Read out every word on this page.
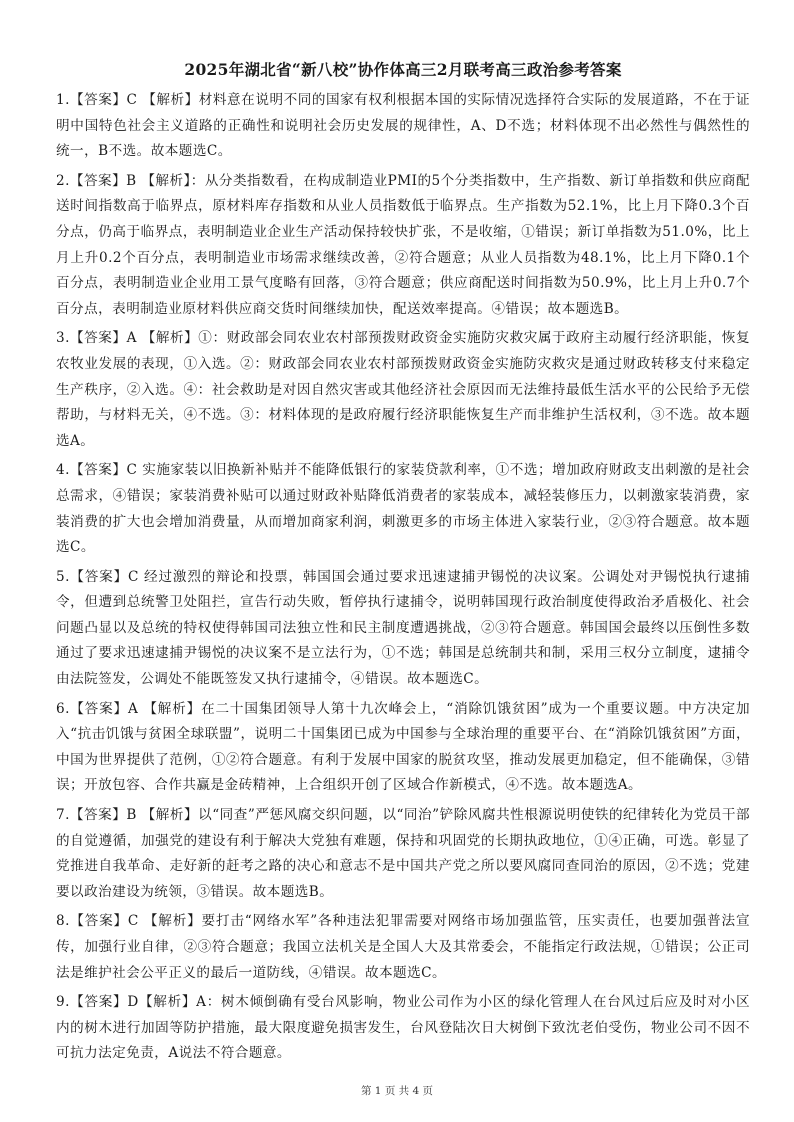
2025年湖北省“新八校”协作体高三2月联考高三政治参考答案

1.【答案】C 【解析】材料意在说明不同的国家有权利根据本国的实际情况选择符合实际的发展道路，不在于证明中国特色社会主义道路的正确性和说明社会历史发展的规律性，A、D不选；材料体现不出必然性与偶然性的统一，B不选。故本题选C。

2.【答案】B 【解析】：从分类指数看，在构成制造业PMI的5个分类指数中，生产指数、新订单指数和供应商配送时间指数高于临界点，原材料库存指数和从业人员指数低于临界点。生产指数为52.1%，比上月下降0.3个百分点，仍高于临界点，表明制造业企业生产活动保持较快扩张，不是收缩，①错误；新订单指数为51.0%，比上月上升0.2个百分点，表明制造业市场需求继续改善，②符合题意；从业人员指数为48.1%，比上月下降0.1个百分点，表明制造业企业用工景气度略有回落，③符合题意；供应商配送时间指数为50.9%，比上月上升0.7个百分点，表明制造业原材料供应商交货时间继续加快，配送效率提高。④错误；故本题选B。

3.【答案】A 【解析】①：财政部会同农业农村部预拨财政资金实施防灾救灾属于政府主动履行经济职能，恢复农牧业发展的表现，①入选。②：财政部会同农业农村部预拨财政资金实施防灾救灾是通过财政转移支付来稳定生产秩序，②入选。④：社会救助是对因自然灾害或其他经济社会原因而无法维持最低生活水平的公民给予无偿帮助，与材料无关，④不选。③：材料体现的是政府履行经济职能恢复生产而非维护生活权利，③不选。故本题选A。

4.【答案】C 实施家装以旧换新补贴并不能降低银行的家装贷款利率，①不选；增加政府财政支出刺激的是社会总需求，④错误；家装消费补贴可以通过财政补贴降低消费者的家装成本，减轻装修压力，以刺激家装消费，家装消费的扩大也会增加消费量，从而增加商家利润，刺激更多的市场主体进入家装行业，②③符合题意。故本题选C。

5.【答案】C 经过激烈的辩论和投票，韩国国会通过要求迅速逮捕尹锡悦的决议案。公调处对尹锡悦执行逮捕令，但遭到总统警卫处阻拦，宣告行动失败，暂停执行逮捕令，说明韩国现行政治制度使得政治矛盾极化、社会问题凸显以及总统的特权使得韩国司法独立性和民主制度遭遇挑战，②③符合题意。韩国国会最终以压倒性多数通过了要求迅速逮捕尹锡悦的决议案不是立法行为，①不选；韩国是总统制共和制，采用三权分立制度，逮捕令由法院签发，公调处不能既签发又执行逮捕令，④错误。故本题选C。

6.【答案】A 【解析】在二十国集团领导人第十九次峰会上，“消除饥饿贫困”成为一个重要议题。中方决定加入“抗击饥饿与贫困全球联盟”，说明二十国集团已成为中国参与全球治理的重要平台、在“消除饥饿贫困”方面，中国为世界提供了范例，①②符合题意。有利于发展中国家的脱贫攻坚，推动发展更加稳定，但不能确保，③错误；开放包容、合作共赢是金砖精神，上合组织开创了区域合作新模式，④不选。故本题选A。

7.【答案】B 【解析】以“同查”严惩风腐交织问题，以“同治”铲除风腐共性根源说明使铁的纪律转化为党员干部的自觉遵循，加强党的建设有利于解决大党独有难题，保持和巩固党的长期执政地位，①④正确，可选。彰显了党推进自我革命、走好新的赶考之路的决心和意志不是中国共产党之所以要风腐同查同治的原因，②不选；党建要以政治建设为统领，③错误。故本题选B。

8.【答案】C 【解析】要打击“网络水军”各种违法犯罪需要对网络市场加强监管，压实责任，也要加强普法宣传，加强行业自律，②③符合题意；我国立法机关是全国人大及其常委会，不能指定行政法规，①错误；公正司法是维护社会公平正义的最后一道防线，④错误。故本题选C。

9.【答案】D【解析】A：树木倾倒确有受台风影响，物业公司作为小区的绿化管理人在台风过后应及时对小区内的树木进行加固等防护措施，最大限度避免损害发生，台风登陆次日大树倒下致沈老伯受伤，物业公司不因不可抗力法定免责，A说法不符合题意。

第 1 页 共 4 页
